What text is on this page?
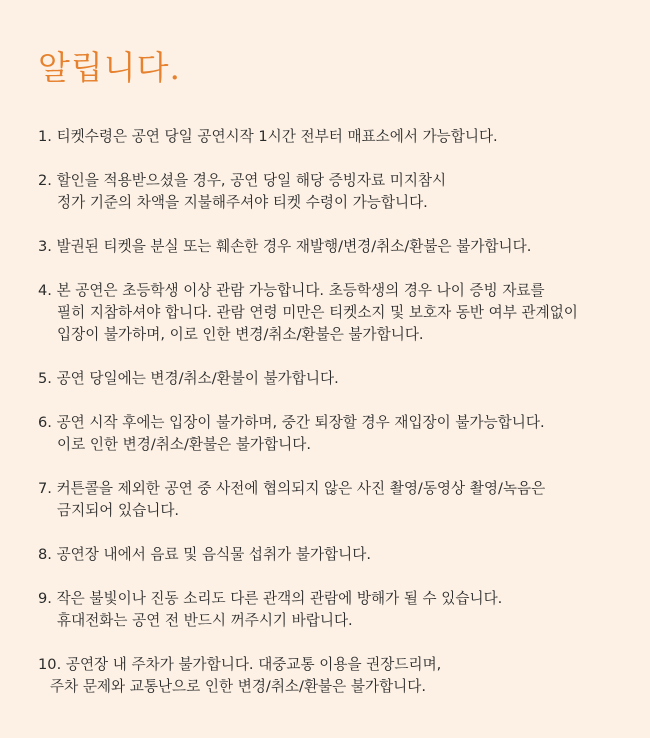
알립니다.
1. 티켓수령은 공연 당일 공연시작 1시간 전부터 매표소에서 가능합니다.
2. 할인을 적용받으셨을 경우, 공연 당일 해당 증빙자료 미지참시
정가 기준의 차액을 지불해주셔야 티켓 수령이 가능합니다.
3. 발권된 티켓을 분실 또는 훼손한 경우 재발행/변경/취소/환불은 불가합니다.
4. 본 공연은 초등학생 이상 관람 가능합니다. 초등학생의 경우 나이 증빙 자료를
필히 지참하셔야 합니다. 관람 연령 미만은 티켓소지 및 보호자 동반 여부 관계없이
입장이 불가하며, 이로 인한 변경/취소/환불은 불가합니다.
5. 공연 당일에는 변경/취소/환불이 불가합니다.
6. 공연 시작 후에는 입장이 불가하며, 중간 퇴장할 경우 재입장이 불가능합니다.
이로 인한 변경/취소/환불은 불가합니다.
7. 커튼콜을 제외한 공연 중 사전에 협의되지 않은 사진 촬영/동영상 촬영/녹음은
금지되어 있습니다.
8. 공연장 내에서 음료 및 음식물 섭취가 불가합니다.
9. 작은 불빛이나 진동 소리도 다른 관객의 관람에 방해가 될 수 있습니다.
휴대전화는 공연 전 반드시 꺼주시기 바랍니다.
10. 공연장 내 주차가 불가합니다. 대중교통 이용을 권장드리며,
주차 문제와 교통난으로 인한 변경/취소/환불은 불가합니다.
